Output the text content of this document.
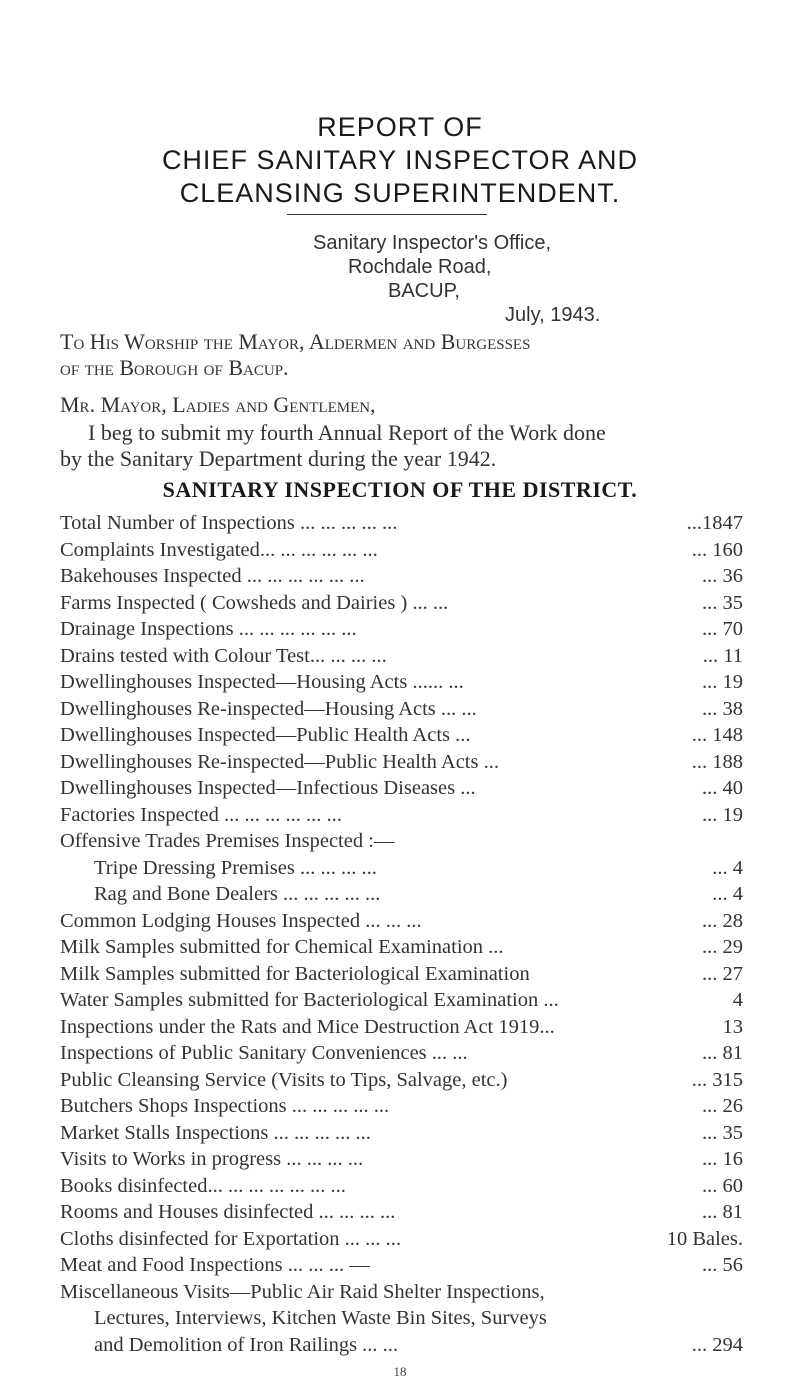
REPORT OF
CHIEF SANITARY INSPECTOR AND
CLEANSING SUPERINTENDENT.
Sanitary Inspector's Office,
Rochdale Road,
BACUP,
July, 1943.
To His Worship the Mayor, Aldermen and Burgesses
of the Borough of Bacup.
Mr. Mayor, Ladies and Gentlemen,
I beg to submit my fourth Annual Report of the Work done
by the Sanitary Department during the year 1942.
SANITARY INSPECTION OF THE DISTRICT.
Total Number of Inspections ... ... ... ... ...	...1847
Complaints Investigated... ... ... ... ... ...	... 160
Bakehouses Inspected ... ... ... ... ... ...	... 36
Farms Inspected ( Cowsheds and Dairies ) ... ...	... 35
Drainage Inspections ... ... ... ... ... ...	... 70
Drains tested with Colour Test... ... ... ...	... 11
Dwellinghouses Inspected—Housing Acts ...... ...	... 19
Dwellinghouses Re-inspected—Housing Acts ... ...	... 38
Dwellinghouses Inspected—Public Health Acts ...	... 148
Dwellinghouses Re-inspected—Public Health Acts ...	... 188
Dwellinghouses Inspected—Infectious Diseases ...	... 40
Factories Inspected ... ... ... ... ... ...	... 19
Offensive Trades Premises Inspected :—
Tripe Dressing Premises ... ... ... ...	... 4
Rag and Bone Dealers ... ... ... ... ...	... 4
Common Lodging Houses Inspected ... ... ...	... 28
Milk Samples submitted for Chemical Examination ...	... 29
Milk Samples submitted for Bacteriological Examination	... 27
Water Samples submitted for Bacteriological Examination ...	4
Inspections under the Rats and Mice Destruction Act 1919...	13
Inspections of Public Sanitary Conveniences ... ...	... 81
Public Cleansing Service (Visits to Tips, Salvage, etc.)	... 315
Butchers Shops Inspections ... ... ... ... ...	... 26
Market Stalls Inspections ... ... ... ... ...	... 35
Visits to Works in progress ... ... ... ...	... 16
Books disinfected... ... ... ... ... ... ...	... 60
Rooms and Houses disinfected ... ... ... ...	... 81
Cloths disinfected for Exportation ... ... ...	10 Bales.
Meat and Food Inspections ... ... ... —	... 56
Miscellaneous Visits—Public Air Raid Shelter Inspections,
Lectures, Interviews, Kitchen Waste Bin Sites, Surveys
and Demolition of Iron Railings ... ...	... 294
18
